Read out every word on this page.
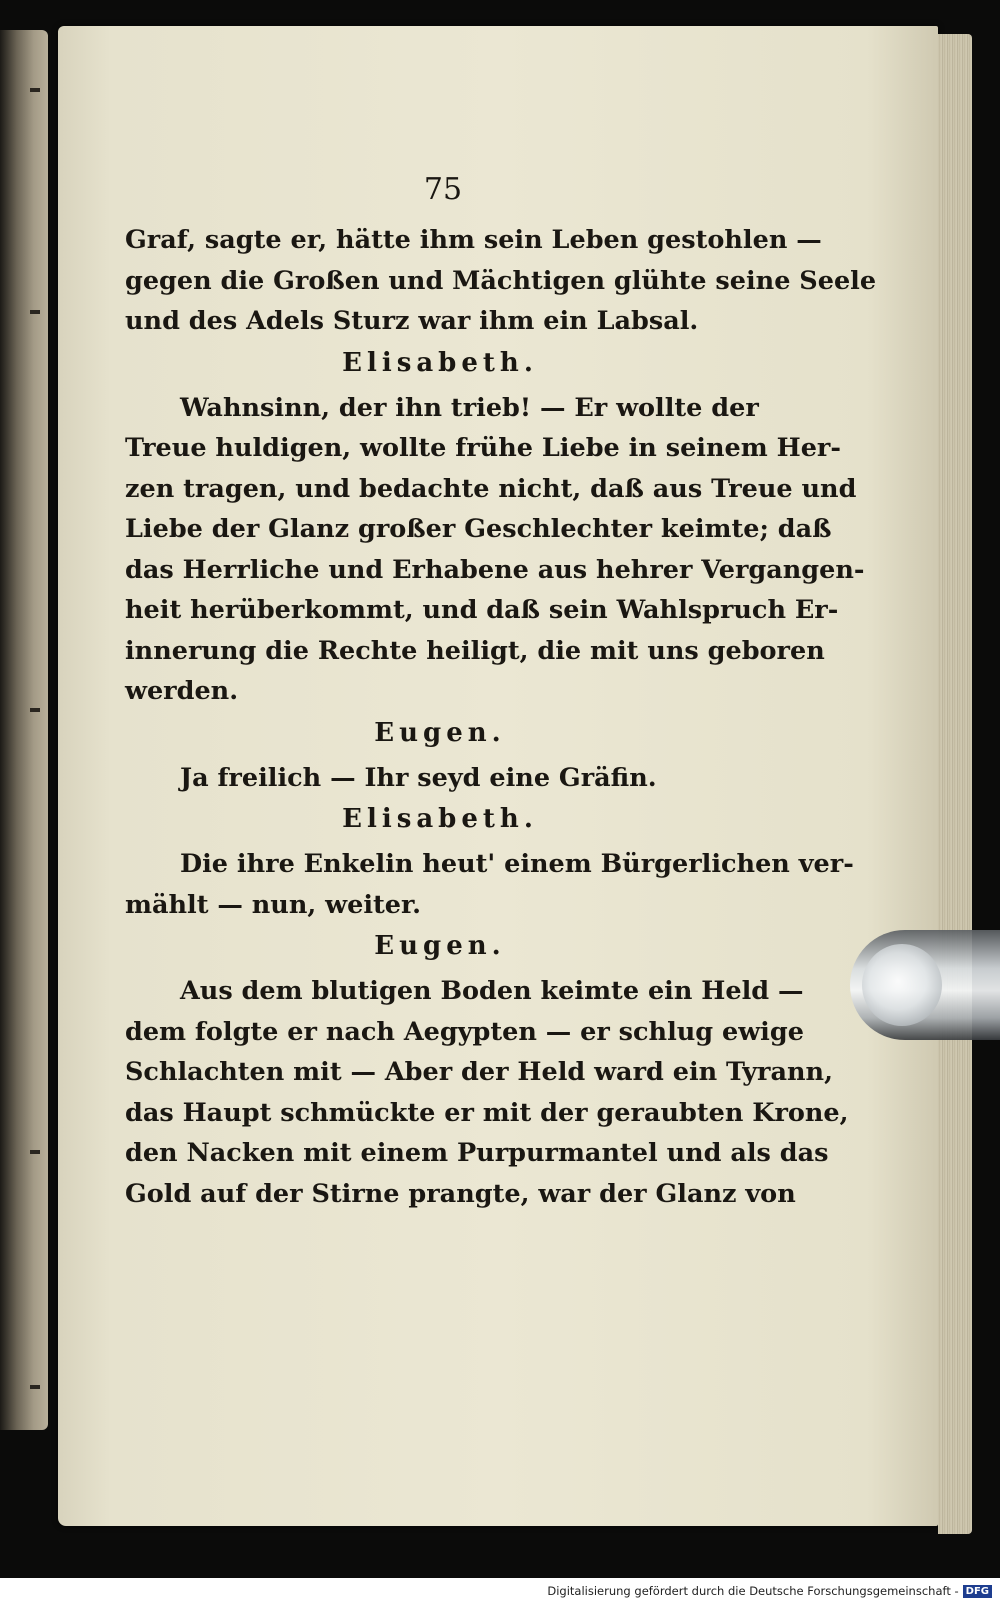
75
Graf, sagte er, hätte ihm sein Leben gestohlen —
gegen die Großen und Mächtigen glühte seine Seele
und des Adels Sturz war ihm ein Labsal.
Elisabeth.
Wahnsinn, der ihn trieb! — Er wollte der
Treue huldigen, wollte frühe Liebe in seinem Her-
zen tragen, und bedachte nicht, daß aus Treue und
Liebe der Glanz großer Geschlechter keimte; daß
das Herrliche und Erhabene aus hehrer Vergangen-
heit herüberkommt, und daß sein Wahlspruch Er-
innerung die Rechte heiligt, die mit uns geboren
werden.
Eugen.
Ja freilich — Ihr seyd eine Gräfin.
Elisabeth.
Die ihre Enkelin heut' einem Bürgerlichen ver-
mählt — nun, weiter.
Eugen.
Aus dem blutigen Boden keimte ein Held —
dem folgte er nach Aegypten — er schlug ewige
Schlachten mit — Aber der Held ward ein Tyrann,
das Haupt schmückte er mit der geraubten Krone,
den Nacken mit einem Purpurmantel und als das
Gold auf der Stirne prangte, war der Glanz von
Digitalisierung gefördert durch die Deutsche Forschungsgemeinschaft - DFG
